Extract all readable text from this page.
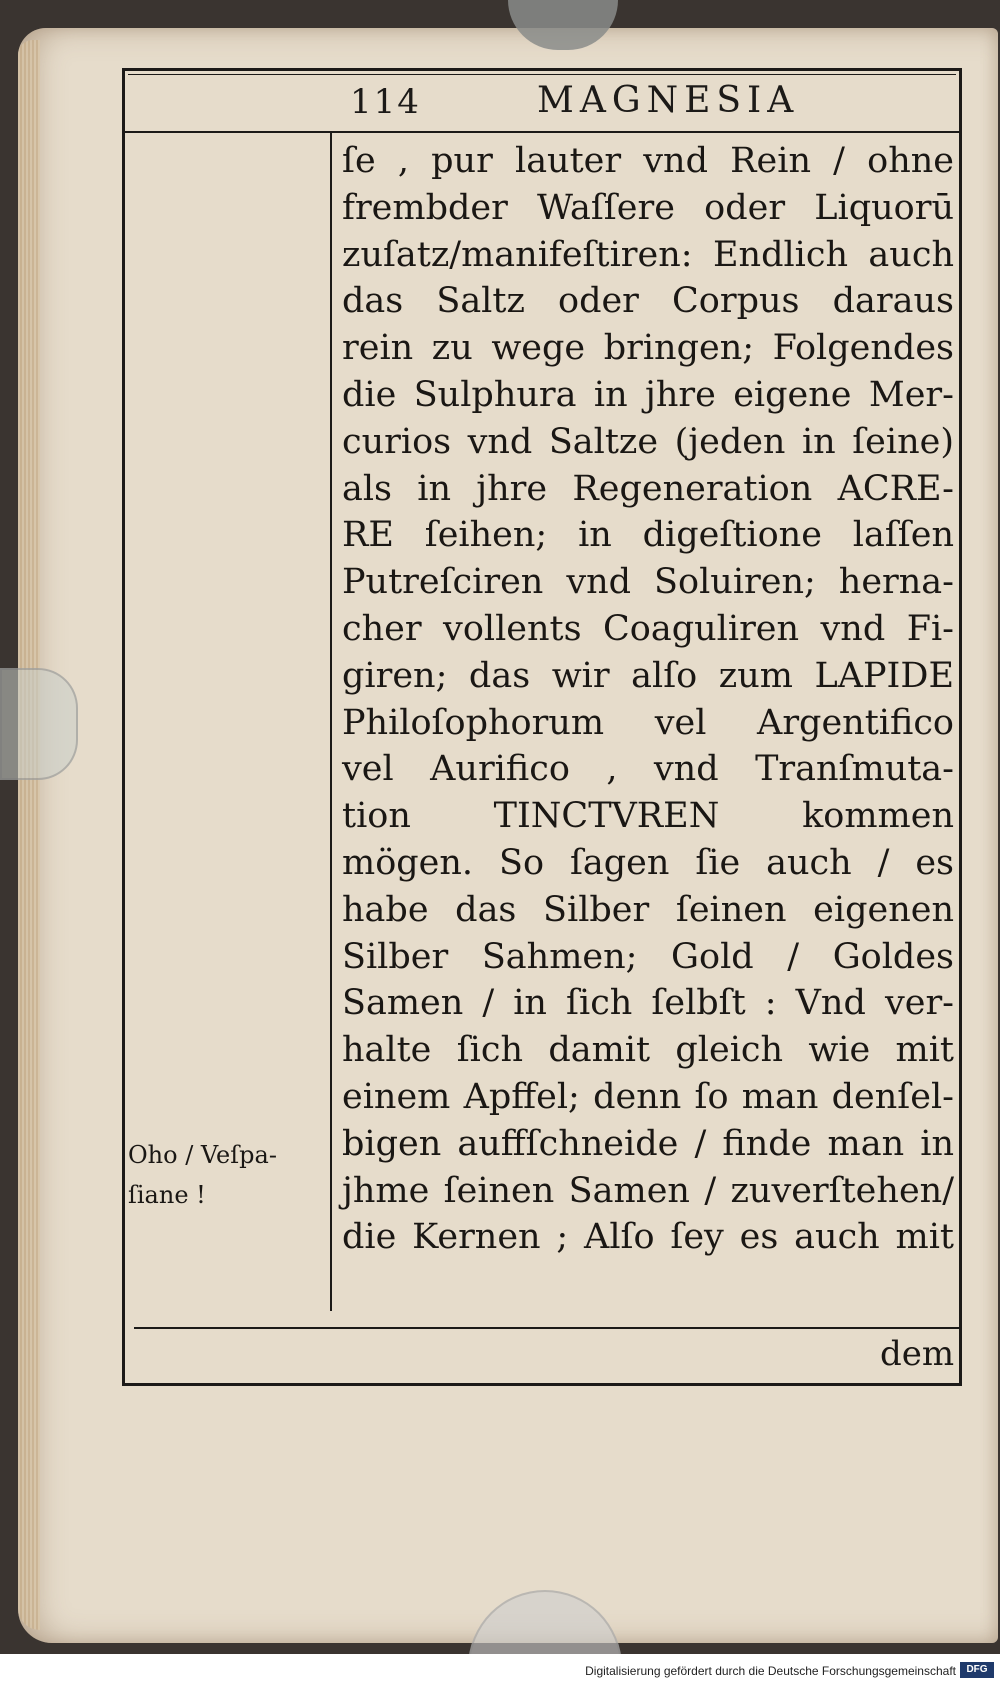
114	MAGNESIA
ſe , pur lauter vnd Rein / ohne
frembder Waſſere oder Liquorū
zuſatz/manifeſtiren: Endlich auch
das Saltz oder Corpus daraus
rein zu wege bringen; Folgendes
die Sulphura in jhre eigene Mer-
curios vnd Saltze (jeden in ſeine)
als in jhre Regeneration ACRE-
RE ſeihen; in digeſtione laſſen
Putreſciren vnd Soluiren; herna-
cher vollents Coaguliren vnd Fi-
giren; das wir alſo zum LAPIDE
Philoſophorum vel Argentifico
vel Aurifico , vnd Tranſmuta-
tion TINCTVREN kommen
mögen. So ſagen ſie auch / es
habe das Silber ſeinen eigenen
Silber Sahmen; Gold / Goldes
Samen / in ſich ſelbſt : Vnd ver-
halte ſich damit gleich wie mit
einem Apffel; denn ſo man denſel-
bigen auffſchneide / finde man in
jhme ſeinen Samen / zuverſtehen/
die Kernen ; Alſo ſey es auch mit
Oho / Veſpa-
ſiane !
dem
Digitalisierung gefördert durch die Deutsche Forschungsgemeinschaft	DFG
